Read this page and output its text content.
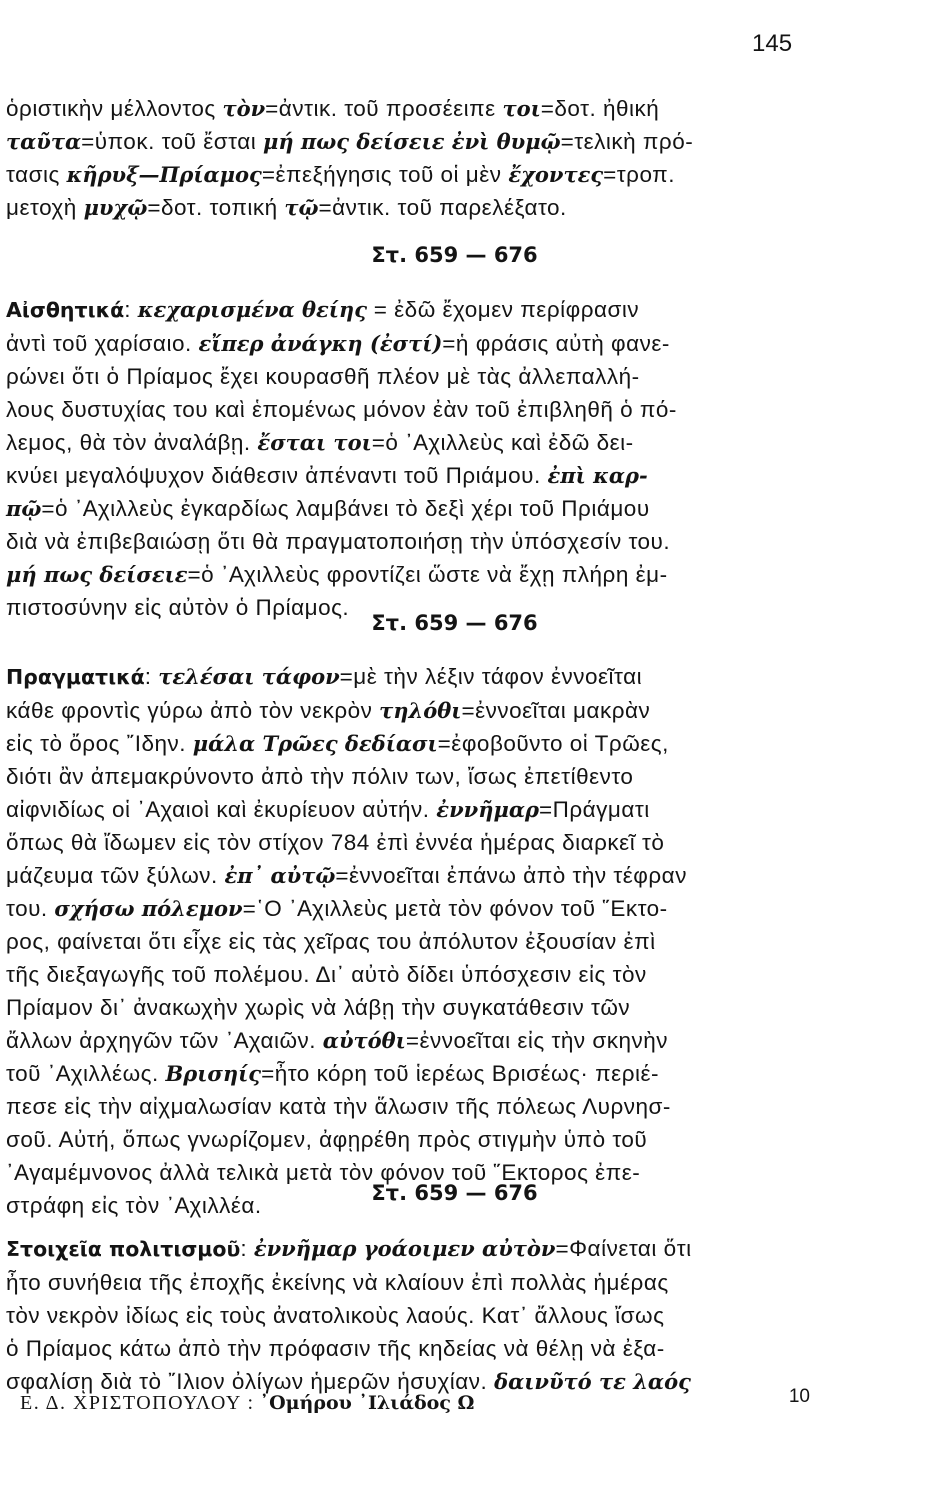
145
ὁριστικὴν μέλλοντος τὸν=ἀντικ. τοῦ προσέειπε τοι=δοτ. ἠθική
ταῦτα=ὑποκ. τοῦ ἔσται μή πως δείσειε ἐνὶ θυμῷ=τελικὴ πρό-
τασις κῆρυξ—Πρίαμος=ἐπεξήγησις τοῦ οἱ μὲν ἔχοντες=τροπ.
μετοχὴ μυχῷ=δοτ. τοπική τῷ=ἀντικ. τοῦ παρελέξατο.
Στ. 659 — 676
Αἰσθητικά: κεχαρισμένα θείης = ἐδῶ ἔχομεν περίφρασιν
ἀντὶ τοῦ χαρίσαιο. εἴπερ ἀνάγκη (ἐστί)=ἡ φράσις αὐτὴ φανε-
ρώνει ὅτι ὁ Πρίαμος ἔχει κουρασθῆ πλέον μὲ τὰς ἀλλεπαλλή-
λους δυστυχίας του καὶ ἑπομένως μόνον ἐὰν τοῦ ἐπιβληθῆ ὁ πό-
λεμος, θὰ τὸν ἀναλάβῃ. ἔσται τοι=ὁ ᾿Αχιλλεὺς καὶ ἐδῶ δει-
κνύει μεγαλόψυχον διάθεσιν ἀπέναντι τοῦ Πριάμου. ἐπὶ καρ-
πῷ=ὁ ᾿Αχιλλεὺς ἐγκαρδίως λαμβάνει τὸ δεξὶ χέρι τοῦ Πριάμου
διὰ νὰ ἐπιβεβαιώσῃ ὅτι θὰ πραγματοποιήσῃ τὴν ὑπόσχεσίν του.
μή πως δείσειε=ὁ ᾿Αχιλλεὺς φροντίζει ὥστε νὰ ἔχῃ πλήρη ἐμ-
πιστοσύνην εἰς αὐτὸν ὁ Πρίαμος.
Στ. 659 — 676
Πραγματικά: τελέσαι τάφον=μὲ τὴν λέξιν τάφον ἐννοεῖται
κάθε φροντὶς γύρω ἀπὸ τὸν νεκρὸν τηλόθι=ἐννοεῖται μακρὰν
εἰς τὸ ὄρος ῎Ιδην. μάλα Τρῶες δεδίασι=ἐφοβοῦντο οἱ Τρῶες,
διότι ἂν ἀπεμακρύνοντο ἀπὸ τὴν πόλιν των, ἴσως ἐπετίθεντο
αἰφνιδίως οἱ ᾿Αχαιοὶ καὶ ἐκυρίευον αὐτήν. ἐννῆμαρ=Πράγματι
ὅπως θὰ ἴδωμεν εἰς τὸν στίχον 784 ἐπὶ ἐννέα ἡμέρας διαρκεῖ τὸ
μάζευμα τῶν ξύλων. ἐπ᾿ αὐτῷ=ἐννοεῖται ἐπάνω ἀπὸ τὴν τέφραν
του. σχήσω πόλεμον=῾Ο ᾿Αχιλλεὺς μετὰ τὸν φόνον τοῦ ῞Εκτο-
ρος, φαίνεται ὅτι εἶχε εἰς τὰς χεῖρας του ἀπόλυτον ἐξουσίαν ἐπὶ
τῆς διεξαγωγῆς τοῦ πολέμου. Δι᾿ αὐτὸ δίδει ὑπόσχεσιν εἰς τὸν
Πρίαμον δι᾿ ἀνακωχὴν χωρὶς νὰ λάβῃ τὴν συγκατάθεσιν τῶν
ἄλλων ἀρχηγῶν τῶν ᾿Αχαιῶν. αὐτόθι=ἐννοεῖται εἰς τὴν σκηνὴν
τοῦ ᾿Αχιλλέως. Βρισηίς=ἦτο κόρη τοῦ ἱερέως Βρισέως· περιέ-
πεσε εἰς τὴν αἰχμαλωσίαν κατὰ τὴν ἅλωσιν τῆς πόλεως Λυρνησ-
σοῦ. Αὐτή, ὅπως γνωρίζομεν, ἀφῃρέθη πρὸς στιγμὴν ὑπὸ τοῦ
᾿Αγαμέμνονος ἀλλὰ τελικὰ μετὰ τὸν φόνον τοῦ ῞Εκτορος ἐπε-
στράφη εἰς τὸν ᾿Αχιλλέα.	Στ. 659 — 676
Στοιχεῖα πολιτισμοῦ: ἐννῆμαρ γοάοιμεν αὐτὸν=Φαίνεται ὅτι
ἦτο συνήθεια τῆς ἐποχῆς ἐκείνης νὰ κλαίουν ἐπὶ πολλὰς ἡμέρας
τὸν νεκρὸν ἰδίως εἰς τοὺς ἀνατολικοὺς λαούς. Κατ᾿ ἄλλους ἴσως
ὁ Πρίαμος κάτω ἀπὸ τὴν πρόφασιν τῆς κηδείας νὰ θέλῃ νὰ ἐξα-
σφαλίσῃ διὰ τὸ ῎Ιλιον ὀλίγων ἡμερῶν ἡσυχίαν. δαινῦτό τε λαός
Ε. Δ. ΧΡΙΣΤΟΠΟΥΛΟΥ : ᾿Ομήρου ᾿Ιλιάδος Ω	10
